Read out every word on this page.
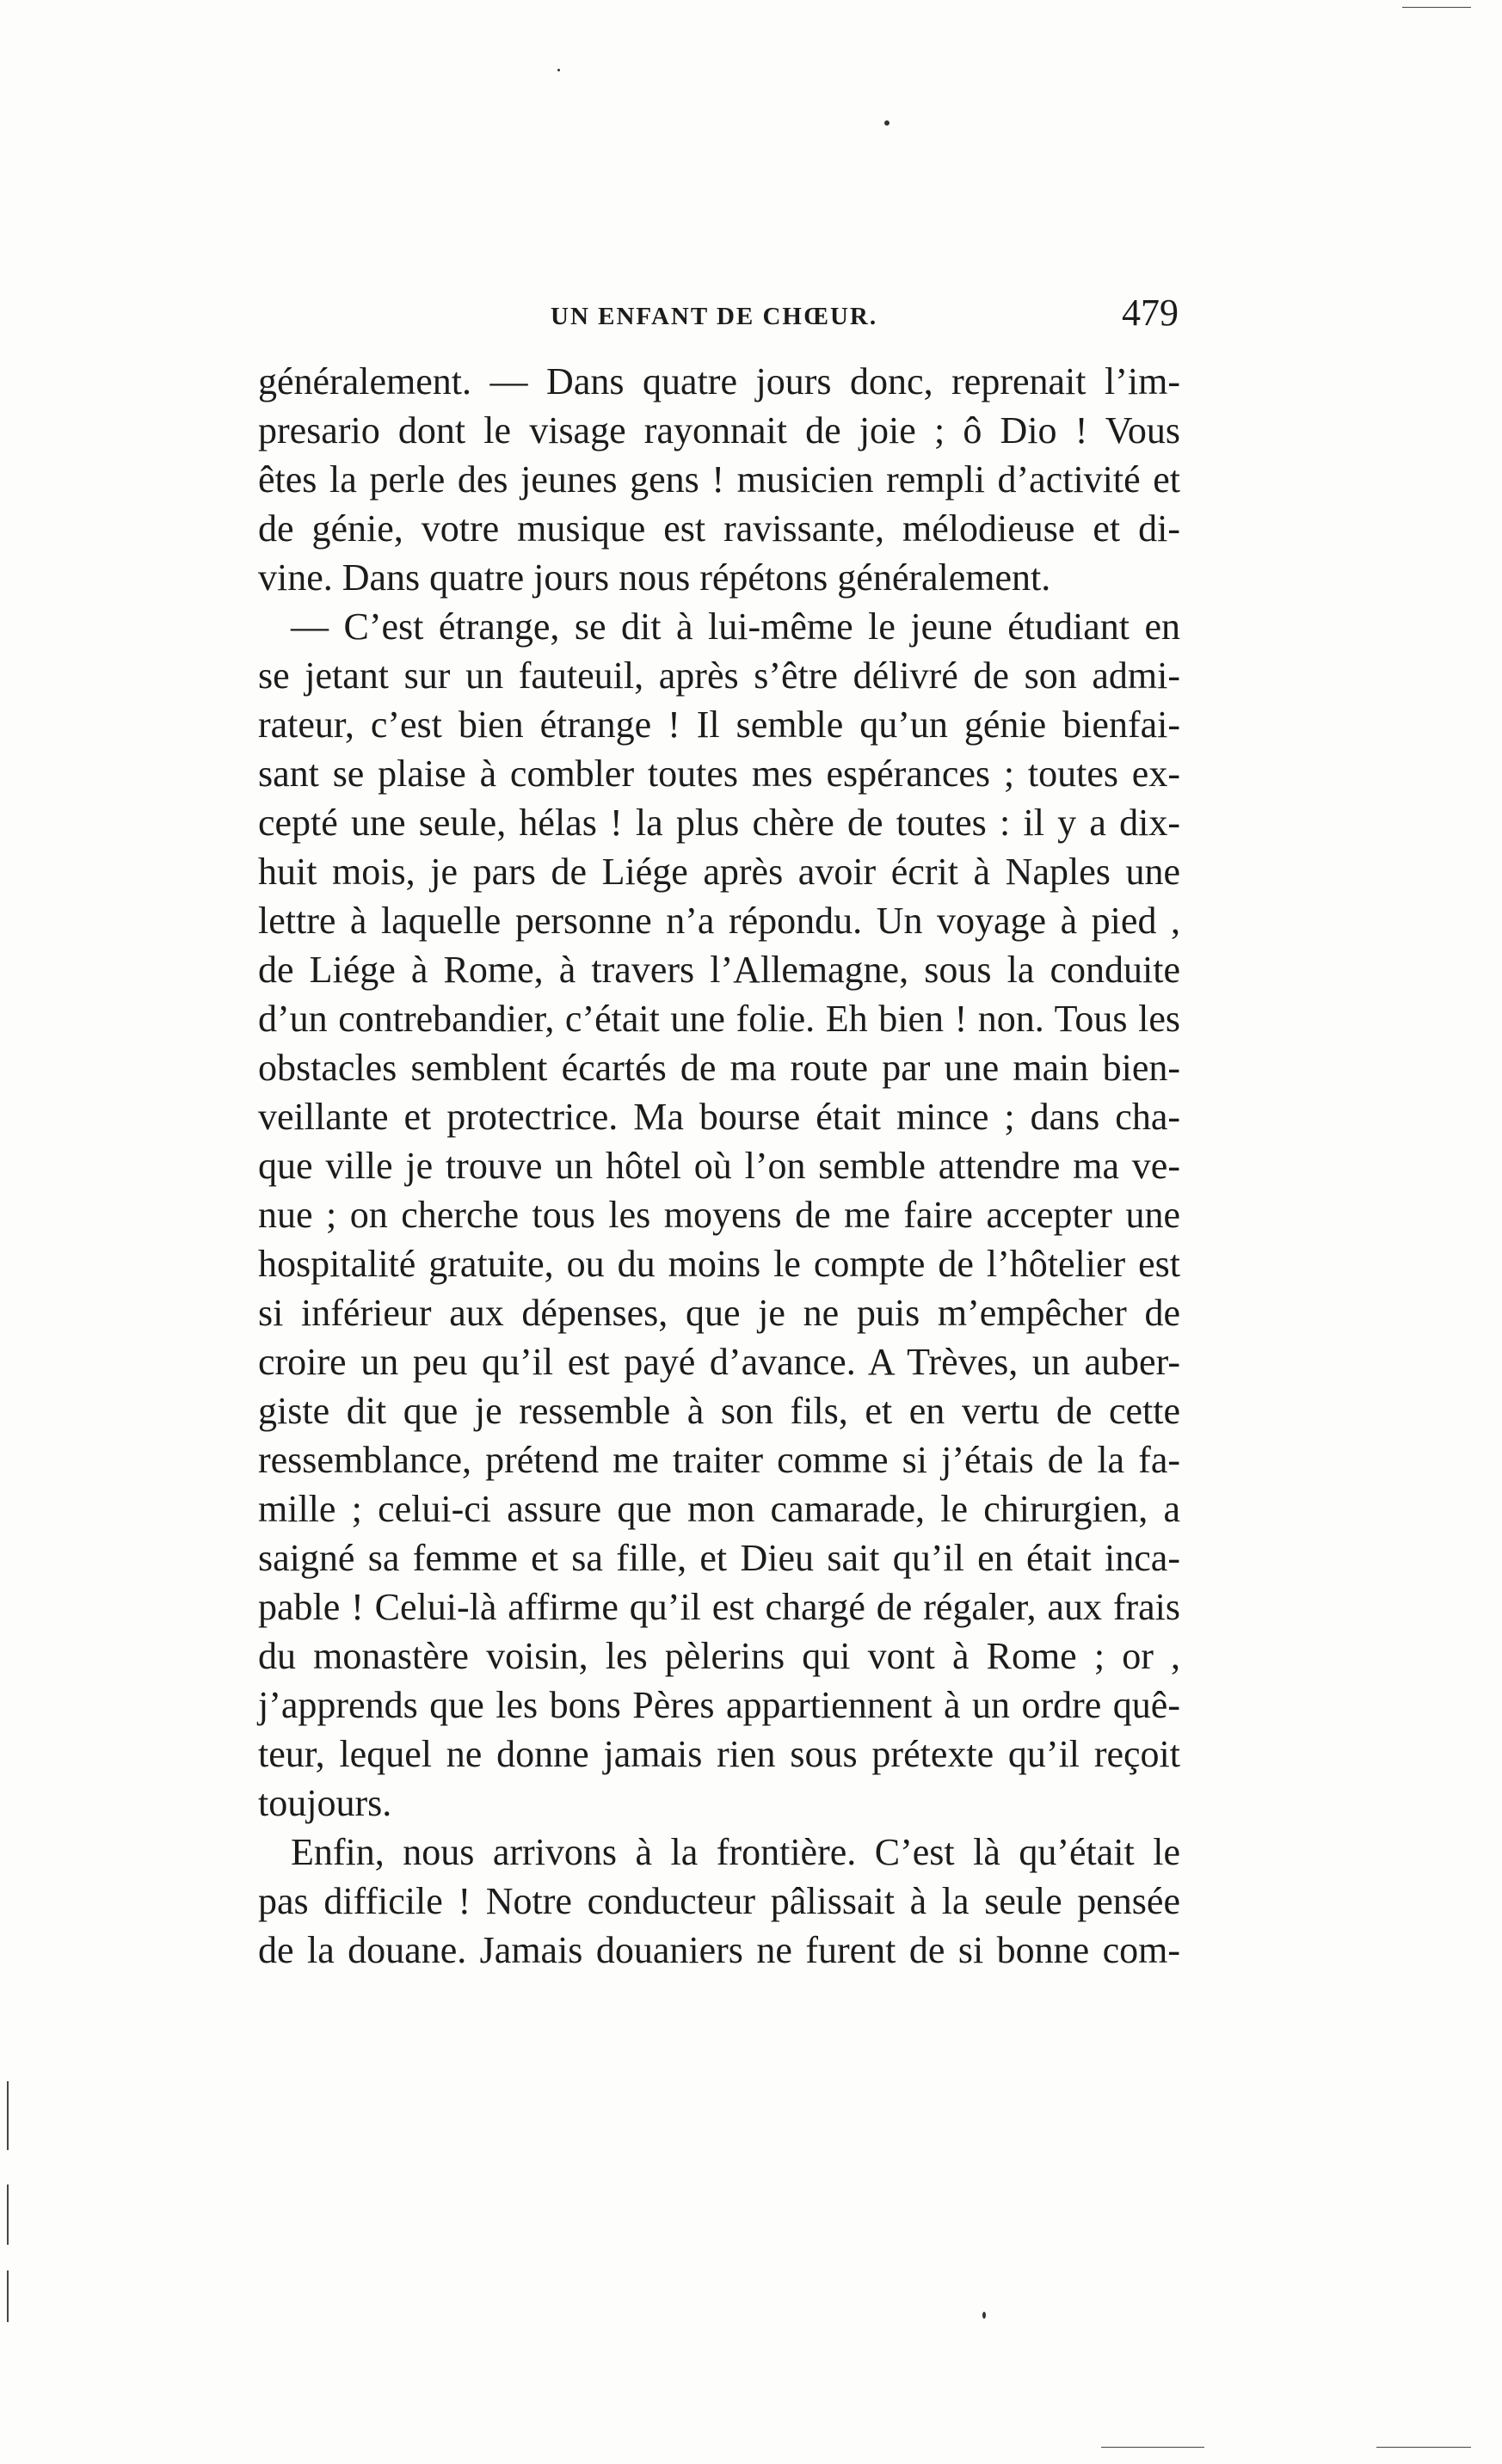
UN ENFANT DE CHŒUR.	479
généralement. — Dans quatre jours donc, reprenait l’im-
presario dont le visage rayonnait de joie ; ô Dio ! Vous
êtes la perle des jeunes gens ! musicien rempli d’activité et
de génie, votre musique est ravissante, mélodieuse et di-
vine. Dans quatre jours nous répétons généralement.
— C’est étrange, se dit à lui-même le jeune étudiant en
se jetant sur un fauteuil, après s’être délivré de son admi-
rateur, c’est bien étrange ! Il semble qu’un génie bienfai-
sant se plaise à combler toutes mes espérances ; toutes ex-
cepté une seule, hélas ! la plus chère de toutes : il y a dix-
huit mois, je pars de Liége après avoir écrit à Naples une
lettre à laquelle personne n’a répondu. Un voyage à pied ,
de Liége à Rome, à travers l’Allemagne, sous la conduite
d’un contrebandier, c’était une folie. Eh bien ! non. Tous les
obstacles semblent écartés de ma route par une main bien-
veillante et protectrice. Ma bourse était mince ; dans cha-
que ville je trouve un hôtel où l’on semble attendre ma ve-
nue ; on cherche tous les moyens de me faire accepter une
hospitalité gratuite, ou du moins le compte de l’hôtelier est
si inférieur aux dépenses, que je ne puis m’empêcher de
croire un peu qu’il est payé d’avance. A Trèves, un auber-
giste dit que je ressemble à son fils, et en vertu de cette
ressemblance, prétend me traiter comme si j’étais de la fa-
mille ; celui-ci assure que mon camarade, le chirurgien, a
saigné sa femme et sa fille, et Dieu sait qu’il en était inca-
pable ! Celui-là affirme qu’il est chargé de régaler, aux frais
du monastère voisin, les pèlerins qui vont à Rome ; or ,
j’apprends que les bons Pères appartiennent à un ordre quê-
teur, lequel ne donne jamais rien sous prétexte qu’il reçoit
toujours.
Enfin, nous arrivons à la frontière. C’est là qu’était le
pas difficile ! Notre conducteur pâlissait à la seule pensée
de la douane. Jamais douaniers ne furent de si bonne com-
